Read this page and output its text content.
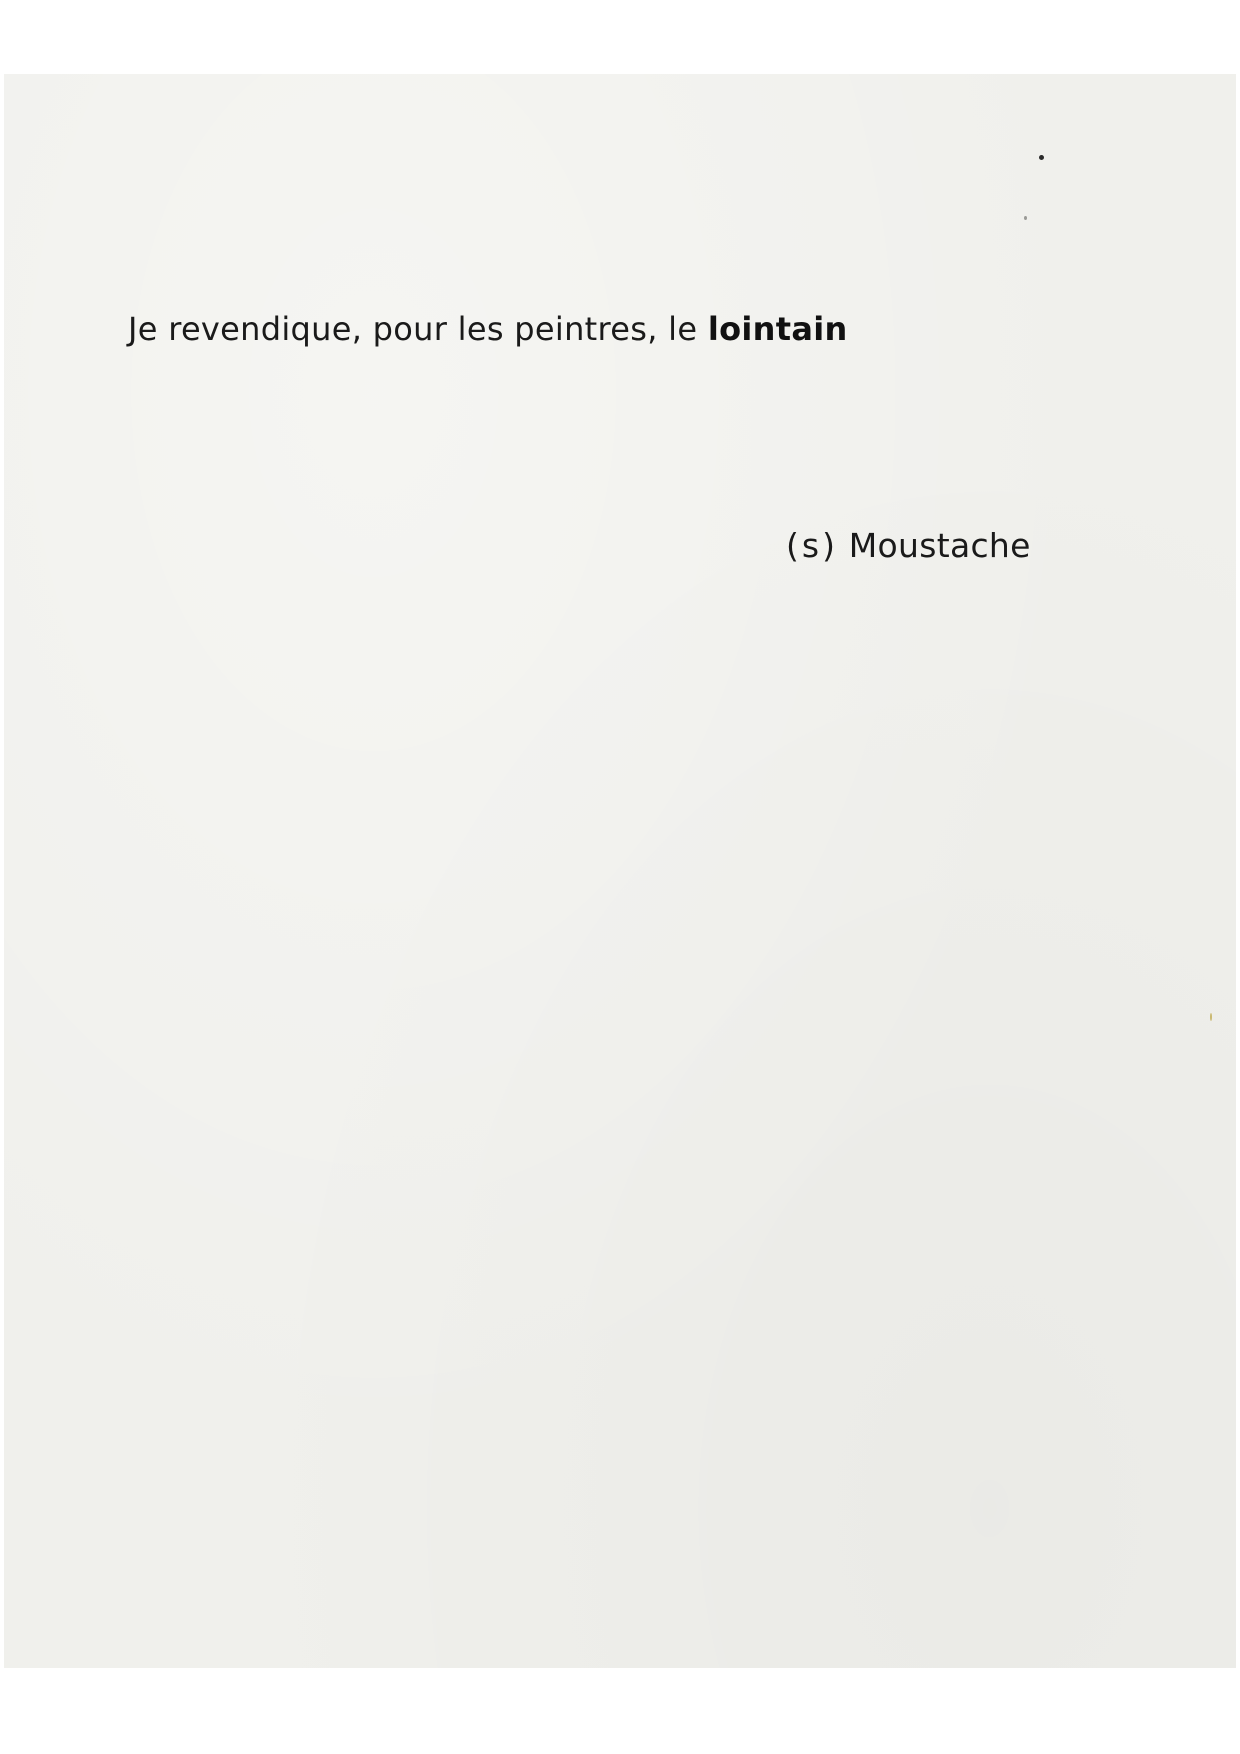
Je revendique, pour les peintres, le lointain

(s) Moustache
